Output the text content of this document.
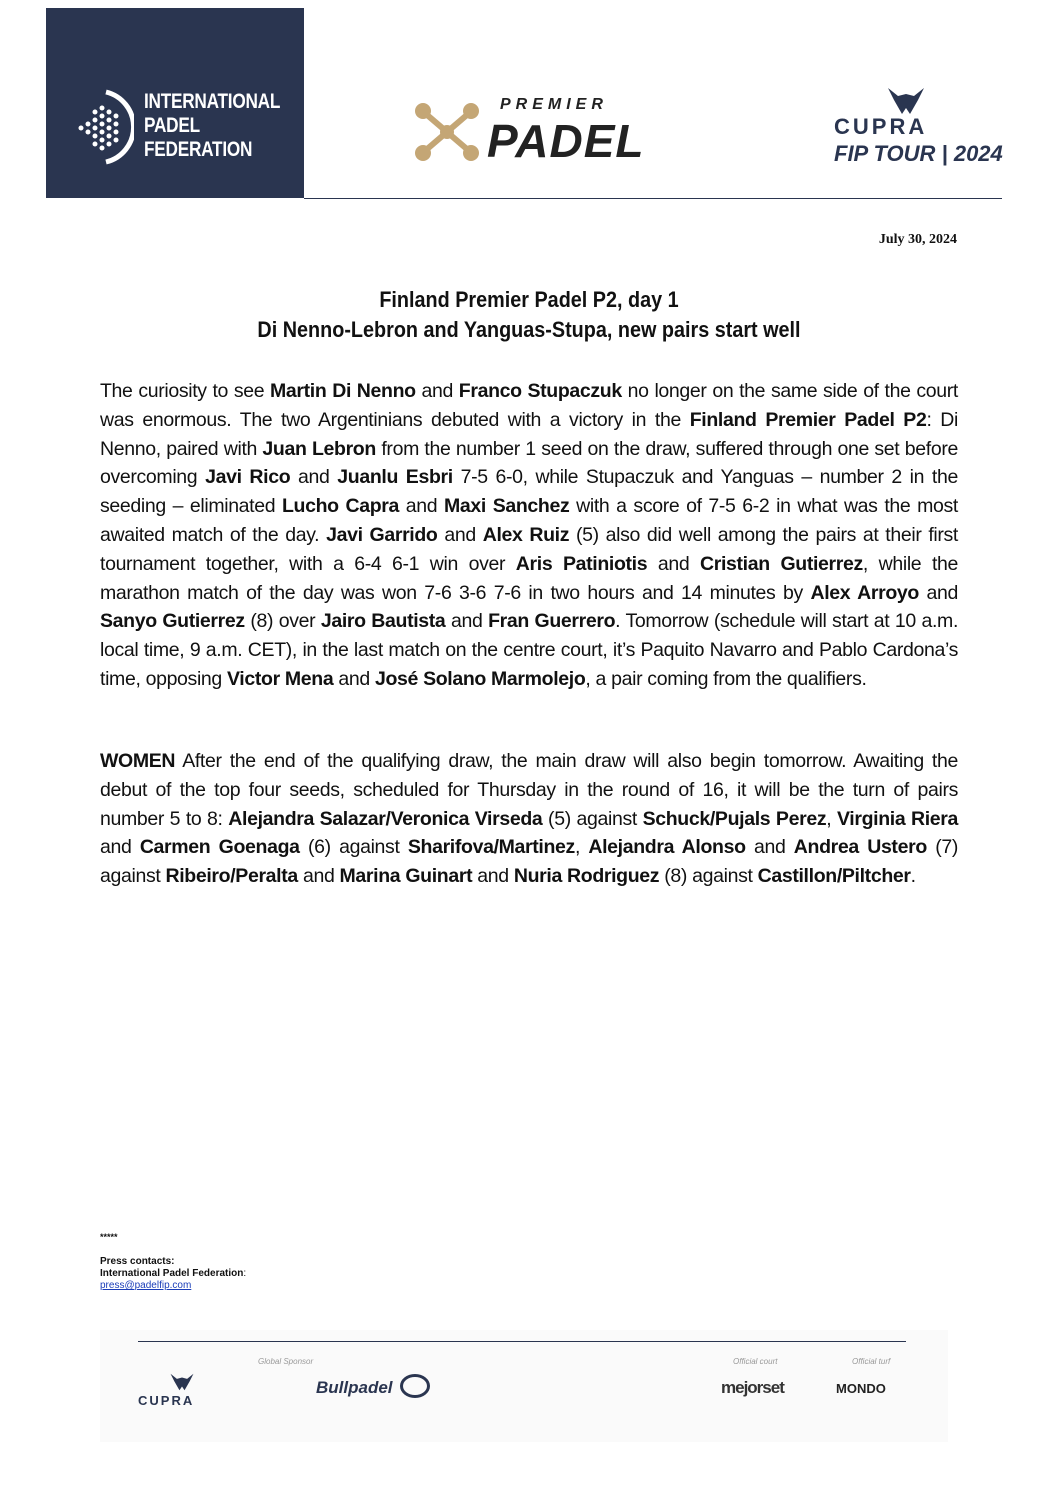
INTERNATIONAL
PADEL
FEDERATION
PREMIER
PADEL	CUPRA
FIP TOUR | 2024
July 30, 2024
Finland Premier Padel P2, day 1
Di Nenno-Lebron and Yanguas-Stupa, new pairs start well
The curiosity to see Martin Di Nenno and Franco Stupaczuk no longer on the same side of the court was enormous. The two Argentinians debuted with a victory in the Finland Premier Padel P2: Di Nenno, paired with Juan Lebron from the number 1 seed on the draw, suffered through one set before overcoming Javi Rico and Juanlu Esbri 7-5 6-0, while Stupaczuk and Yanguas – number 2 in the seeding – eliminated Lucho Capra and Maxi Sanchez with a score of 7-5 6-2 in what was the most awaited match of the day. Javi Garrido and Alex Ruiz (5) also did well among the pairs at their first tournament together, with a 6-4 6-1 win over Aris Patiniotis and Cristian Gutierrez, while the marathon match of the day was won 7-6 3-6 7-6 in two hours and 14 minutes by Alex Arroyo and Sanyo Gutierrez (8) over Jairo Bautista and Fran Guerrero. Tomorrow (schedule will start at 10 a.m. local time, 9 a.m. CET), in the last match on the centre court, it’s Paquito Navarro and Pablo Cardona’s time, opposing Victor Mena and José Solano Marmolejo, a pair coming from the qualifiers.
WOMEN After the end of the qualifying draw, the main draw will also begin tomorrow. Awaiting the debut of the top four seeds, scheduled for Thursday in the round of 16, it will be the turn of pairs number 5 to 8: Alejandra Salazar/Veronica Virseda (5) against Schuck/Pujals Perez, Virginia Riera and Carmen Goenaga (6) against Sharifova/Martinez, Alejandra Alonso and Andrea Ustero (7) against Ribeiro/Peralta and Marina Guinart and Nuria Rodriguez (8) against Castillon/Piltcher.
*****
Press contacts:
International Padel Federation:
press@padelfip.com
Global Sponsor	Official court	Official turf
CUPRA
Bullpadel	mejorset	MONDO
